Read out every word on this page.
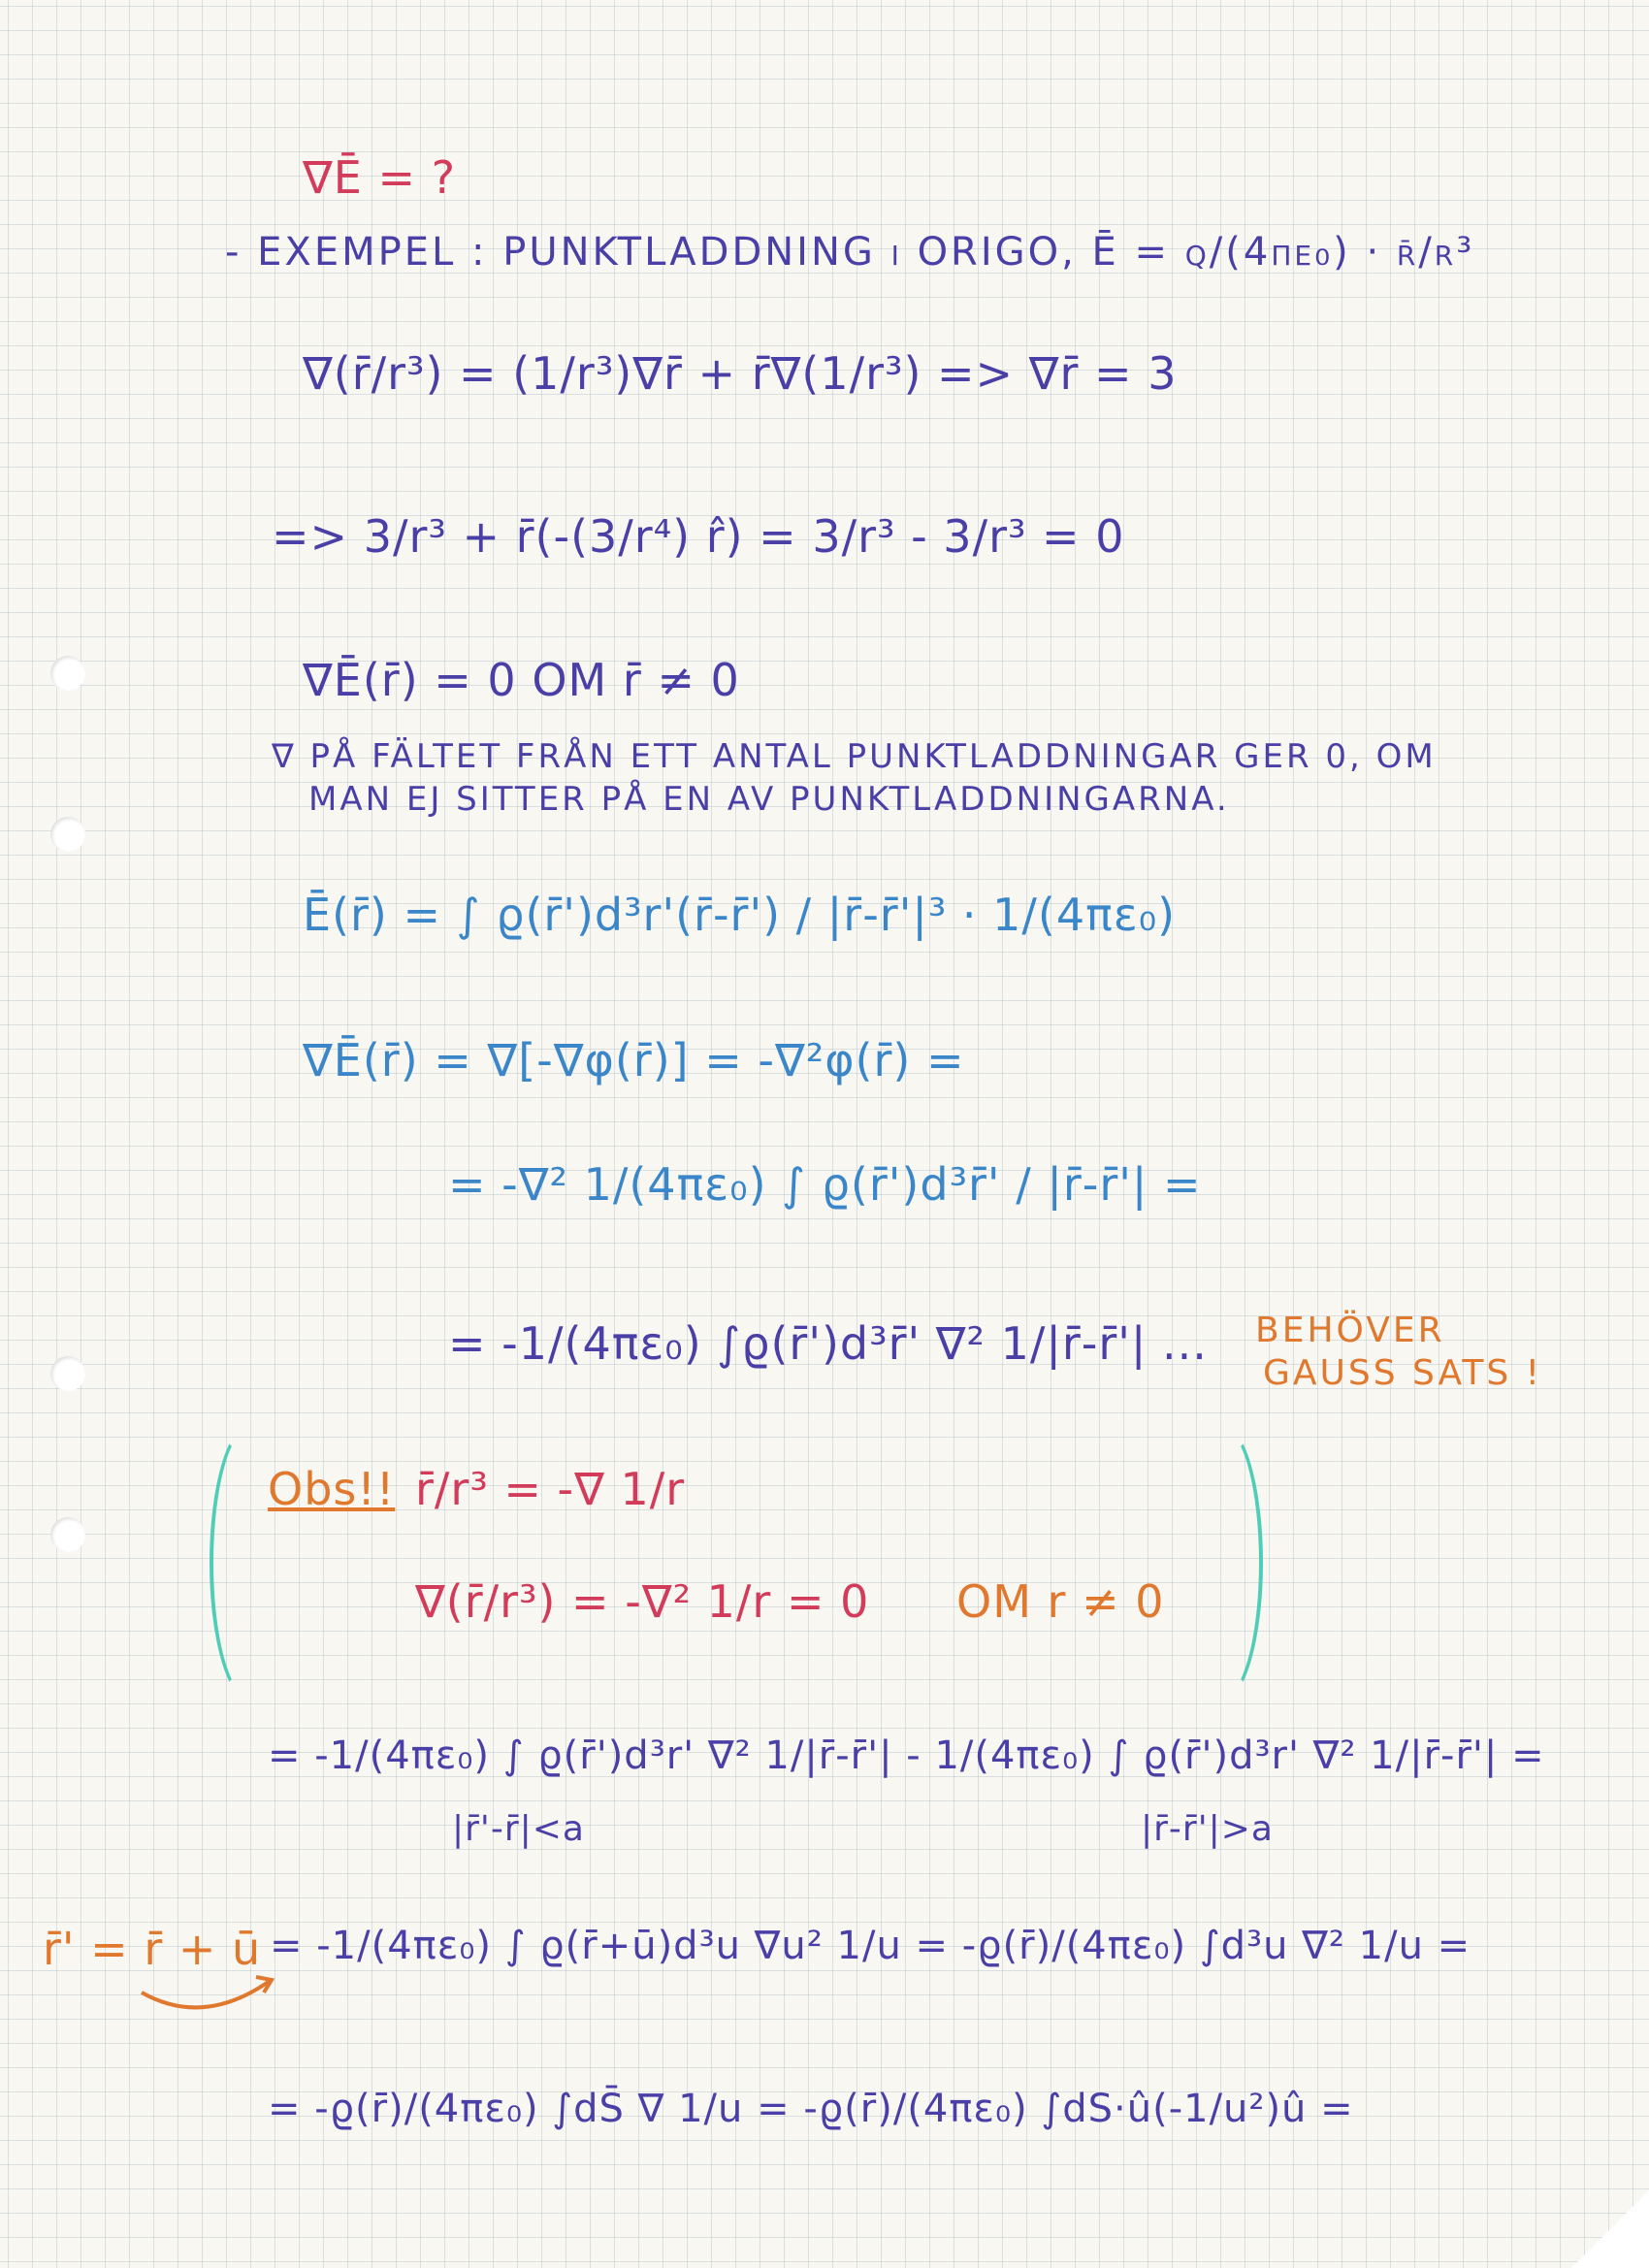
∇Ē = ?
- EXEMPEL : PUNKTLADDNING i ORIGO, Ē = q/(4πε₀) · r̄/r³
∇(r̄/r³) = (1/r³)∇r̄ + r̄∇(1/r³) => ∇r̄ = 3
=> 3/r³ + r̄(-(3/r⁴) r̂) = 3/r³ - 3/r³ = 0
∇Ē(r̄) = 0 OM r̄ ≠ 0
∇ PÅ FÄLTET FRÅN ETT ANTAL PUNKTLADDNINGAR GER 0, OM
MAN EJ SITTER PÅ EN AV PUNKTLADDNINGARNA.
Ē(r̄) = ∫ ϱ(r̄')d³r'(r̄-r̄') / |r̄-r̄'|³ · 1/(4πε₀)
∇Ē(r̄) = ∇[-∇φ(r̄)] = -∇²φ(r̄) =
= -∇² 1/(4πε₀) ∫ ϱ(r̄')d³r̄' / |r̄-r̄'| =
= -1/(4πε₀) ∫ϱ(r̄')d³r̄' ∇² 1/|r̄-r̄'| ... BEHÖVER
GAUSS SATS !
Obs!! r̄/r³ = -∇ 1/r
∇(r̄/r³) = -∇² 1/r = 0 OM r ≠ 0
= -1/(4πε₀) ∫ ϱ(r̄')d³r' ∇² 1/|r̄-r̄'| - 1/(4πε₀) ∫ ϱ(r̄')d³r' ∇² 1/|r̄-r̄'| =
|r̄'-r̄|<a	|r̄-r̄'|>a
r̄' = r̄ + ū = -1/(4πε₀) ∫ ϱ(r̄+ū)d³u ∇u² 1/u = -ϱ(r̄)/(4πε₀) ∫d³u ∇² 1/u =
= -ϱ(r̄)/(4πε₀) ∫dS̄ ∇ 1/u = -ϱ(r̄)/(4πε₀) ∫dS·û(-1/u²)û =
